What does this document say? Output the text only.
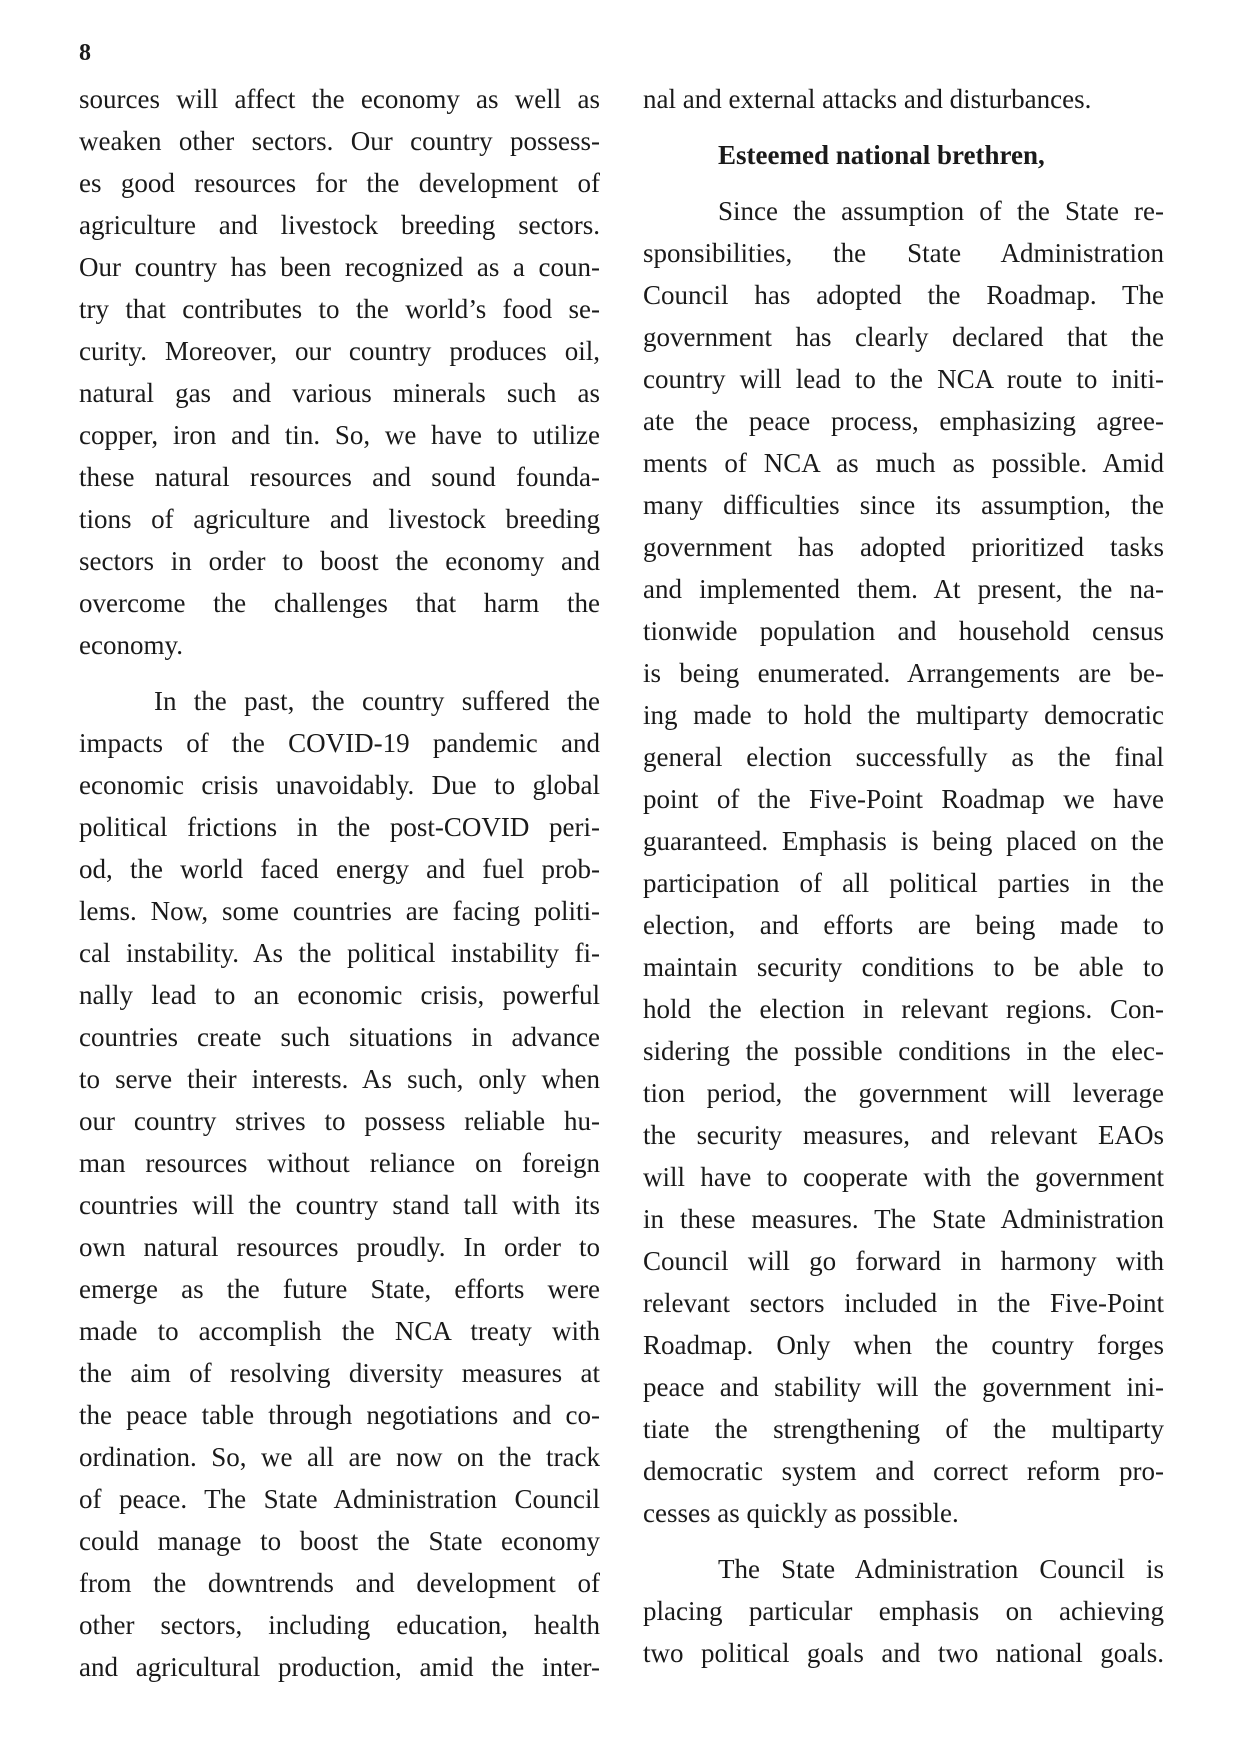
8
sources will affect the economy as well as
weaken other sectors. Our country possess-
es good resources for the development of
agriculture and livestock breeding sectors.
Our country has been recognized as a coun-
try that contributes to the world’s food se-
curity. Moreover, our country produces oil,
natural gas and various minerals such as
copper, iron and tin. So, we have to utilize
these natural resources and sound founda-
tions of agriculture and livestock breeding
sectors in order to boost the economy and
overcome the challenges that harm the
economy.
In the past, the country suffered the
impacts of the COVID-19 pandemic and
economic crisis unavoidably. Due to global
political frictions in the post-COVID peri-
od, the world faced energy and fuel prob-
lems. Now, some countries are facing politi-
cal instability. As the political instability fi-
nally lead to an economic crisis, powerful
countries create such situations in advance
to serve their interests. As such, only when
our country strives to possess reliable hu-
man resources without reliance on foreign
countries will the country stand tall with its
own natural resources proudly. In order to
emerge as the future State, efforts were
made to accomplish the NCA treaty with
the aim of resolving diversity measures at
the peace table through negotiations and co-
ordination. So, we all are now on the track
of peace. The State Administration Council
could manage to boost the State economy
from the downtrends and development of
other sectors, including education, health
and agricultural production, amid the inter-
nal and external attacks and disturbances.
Esteemed national brethren,
Since the assumption of the State re-
sponsibilities, the State Administration
Council has adopted the Roadmap. The
government has clearly declared that the
country will lead to the NCA route to initi-
ate the peace process, emphasizing agree-
ments of NCA as much as possible. Amid
many difficulties since its assumption, the
government has adopted prioritized tasks
and implemented them. At present, the na-
tionwide population and household census
is being enumerated. Arrangements are be-
ing made to hold the multiparty democratic
general election successfully as the final
point of the Five-Point Roadmap we have
guaranteed. Emphasis is being placed on the
participation of all political parties in the
election, and efforts are being made to
maintain security conditions to be able to
hold the election in relevant regions. Con-
sidering the possible conditions in the elec-
tion period, the government will leverage
the security measures, and relevant EAOs
will have to cooperate with the government
in these measures. The State Administration
Council will go forward in harmony with
relevant sectors included in the Five-Point
Roadmap. Only when the country forges
peace and stability will the government ini-
tiate the strengthening of the multiparty
democratic system and correct reform pro-
cesses as quickly as possible.
The State Administration Council is
placing particular emphasis on achieving
two political goals and two national goals.
